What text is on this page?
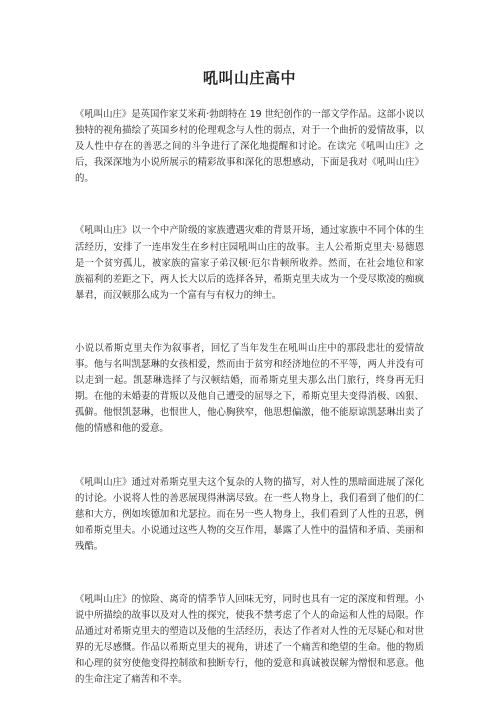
吼叫山庄高中

《吼叫山庄》是英国作家艾米莉·勃朗特在 19 世纪创作的一部文学作品。这部小说以独特的视角描绘了英国乡村的伦理观念与人性的弱点，对于一个曲折的爱情故事，以及人性中存在的善恶之间的斗争进行了深化地提醒和讨论。在读完《吼叫山庄》之后，我深深地为小说所展示的精彩故事和深化的思想感动，下面是我对《吼叫山庄》的。

《吼叫山庄》以一个中产阶级的家族遭遇灾难的背景开场，通过家族中不同个体的生活经历，安排了一连串发生在乡村庄园吼叫山庄的故事。主人公希斯克里夫·易德恩是一个贫穷孤儿，被家族的富家子弟汉顿·厄尔肯顿所收养。然而，在社会地位和家族福利的差距之下，两人长大以后的选择各异，希斯克里夫成为一个受尽欺凌的痴疯暴君，而汉顿那么成为一个富有与有权力的绅士。

小说以希斯克里夫作为叙事者，回忆了当年发生在吼叫山庄中的那段悲壮的爱情故事。他与名叫凯瑟琳的女孩相爱，然而由于贫穷和经济地位的不平等，两人并没有可以走到一起。凯瑟琳选择了与汉顿结婚，而希斯克里夫那么出门旅行，终身再无归期。在他的未婚妻的背叛以及他自己遭受的屈辱之下，希斯克里夫变得消极、凶狠、孤僻。他恨凯瑟琳，也恨世人，他心胸狭窄，他思想偏激，他不能原谅凯瑟琳出卖了他的情感和他的爱意。

《吼叫山庄》通过对希斯克里夫这个复杂的人物的描写，对人性的黑暗面进展了深化的讨论。小说将人性的善恶展现得淋漓尽致。在一些人物身上，我们看到了他们的仁慈和大方，例如埃德加和尤瑟拉。而在另一些人物身上，我们看到了人性的丑恶，例如希斯克里夫。小说通过这些人物的交互作用，暴露了人性中的温情和矛盾、美丽和残酷。

《吼叫山庄》的惊险、离奇的情季节人回味无穷，同时也具有一定的深度和哲理。小说中所描绘的故事以及对人性的探究，使我不禁考虑了个人的命运和人性的局限。作品通过对希斯克里夫的塑造以及他的生活经历，表达了作者对人性的无尽疑心和对世界的无尽感慨。作品以希斯克里夫的视角，讲述了一个痛苦和绝望的生命。他的物质和心理的贫穷使他变得控制欲和独断专行，他的爱意和真诚被误解为憎恨和恶意。他的生命注定了痛苦和不幸。
